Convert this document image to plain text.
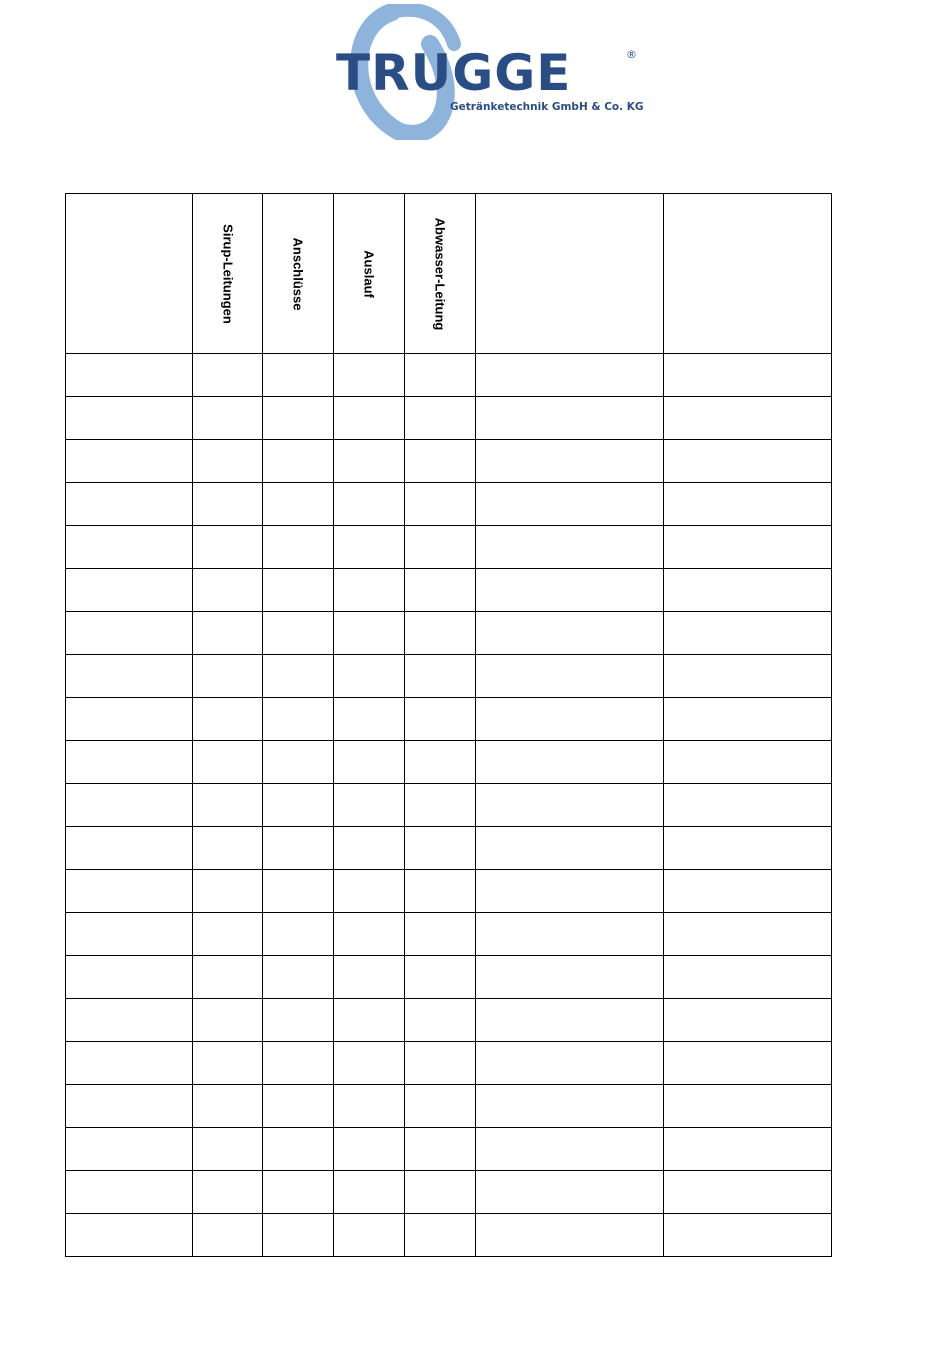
TRUGGE	®
Getränketechnik GmbH & Co. KG

	Sirup-Leitungen	Anschlüsse	Auslauf	Abwasser-Leitung		
